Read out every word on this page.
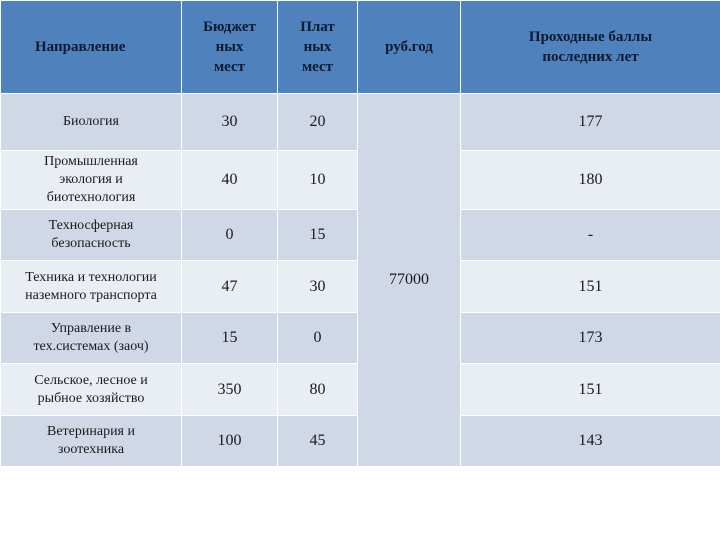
Направление	Бюджет
ных
мест	Плат
ных
мест	руб.год	Проходные баллы
последних лет
Биология	30	20	77000	177
Промышленная
экология и
биотехнология	40	10		180
Техносферная
безопасность	0	15		-
Техника и технологии
наземного транспорта	47	30		151
Управление в
тех.системах (заоч)	15	0		173
Сельское, лесное и
рыбное хозяйство	350	80		151
Ветеринария и
зоотехника	100	45		143
